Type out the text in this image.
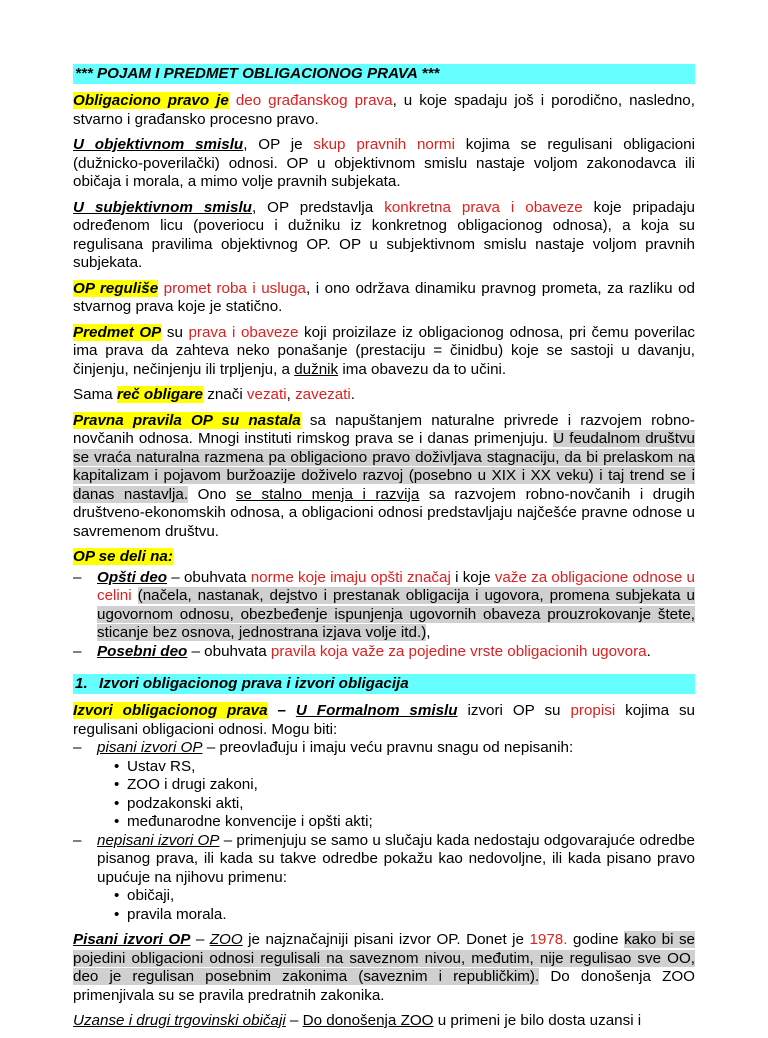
*** POJAM I PREDMET OBLIGACIONOG PRAVA ***

Obligaciono pravo je deo građanskog prava, u koje spadaju još i porodično, nasledno, stvarno i građansko procesno pravo.

U objektivnom smislu, OP je skup pravnih normi kojima se regulisani obligacioni (dužnicko-poverilački) odnosi. OP u objektivnom smislu nastaje voljom zakonodavca ili običaja i morala, a mimo volje pravnih subjekata.

U subjektivnom smislu, OP predstavlja konkretna prava i obaveze koje pripadaju određenom licu (poveriocu i dužniku iz konkretnog obligacionog odnosa), a koja su regulisana pravilima objektivnog OP. OP u subjektivnom smislu nastaje voljom pravnih subjekata.

OP reguliše promet roba i usluga, i ono održava dinamiku pravnog prometa, za razliku od stvarnog prava koje je statično.

Predmet OP su prava i obaveze koji proizilaze iz obligacionog odnosa, pri čemu poverilac ima prava da zahteva neko ponašanje (prestaciju = činidbu) koje se sastoji u davanju, činjenju, nečinjenju ili trpljenju, a dužnik ima obavezu da to učini.

Sama reč obligare znači vezati, zavezati.

Pravna pravila OP su nastala sa napuštanjem naturalne privrede i razvojem robno-novčanih odnosa. Mnogi instituti rimskog prava se i danas primenjuju. U feudalnom društvu se vraća naturalna razmena pa obligaciono pravo doživljava stagnaciju, da bi prelaskom na kapitalizam i pojavom buržoazije doživelo razvoj (posebno u XIX i XX veku) i taj trend se i danas nastavlja. Ono se stalno menja i razvija sa razvojem robno-novčanih i drugih društveno-ekonomskih odnosa, a obligacioni odnosi predstavljaju najčešće pravne odnose u savremenom društvu.

OP se deli na:

–	Opšti deo – obuhvata norme koje imaju opšti značaj i koje važe za obligacione odnose u celini (načela, nastanak, dejstvo i prestanak obligacija i ugovora, promena subjekata u ugovornom odnosu, obezbeđenje ispunjenja ugovornih obaveza prouzrokovanje štete, sticanje bez osnova, jednostrana izjava volje itd.),
–	Posebni deo – obuhvata pravila koja važe za pojedine vrste obligacionih ugovora.
1. Izvori obligacionog prava i izvori obligacija

Izvori obligacionog prava – U Formalnom smislu izvori OP su propisi kojima su regulisani obligacioni odnosi. Mogu biti:

–	pisani izvori OP – preovlađuju i imaju veću pravnu snagu od nepisanih:
• Ustav RS,
• ZOO i drugi zakoni,
• podzakonski akti,
• međunarodne konvencije i opšti akti;
–	nepisani izvori OP – primenjuju se samo u slučaju kada nedostaju odgovarajuće odredbe pisanog prava, ili kada su takve odredbe pokažu kao nedovoljne, ili kada pisano pravo upućuje na njihovu primenu:
• običaji,
• pravila morala.

Pisani izvori OP – ZOO je najznačajniji pisani izvor OP. Donet je 1978. godine kako bi se pojedini obligacioni odnosi regulisali na saveznom nivou, međutim, nije regulisao sve OO, deo je regulisan posebnim zakonima (saveznim i republičkim). Do donošenja ZOO primenjivala su se pravila predratnih zakonika.

Uzanse i drugi trgovinski običaji – Do donošenja ZOO u primeni je bilo dosta uzansi i
